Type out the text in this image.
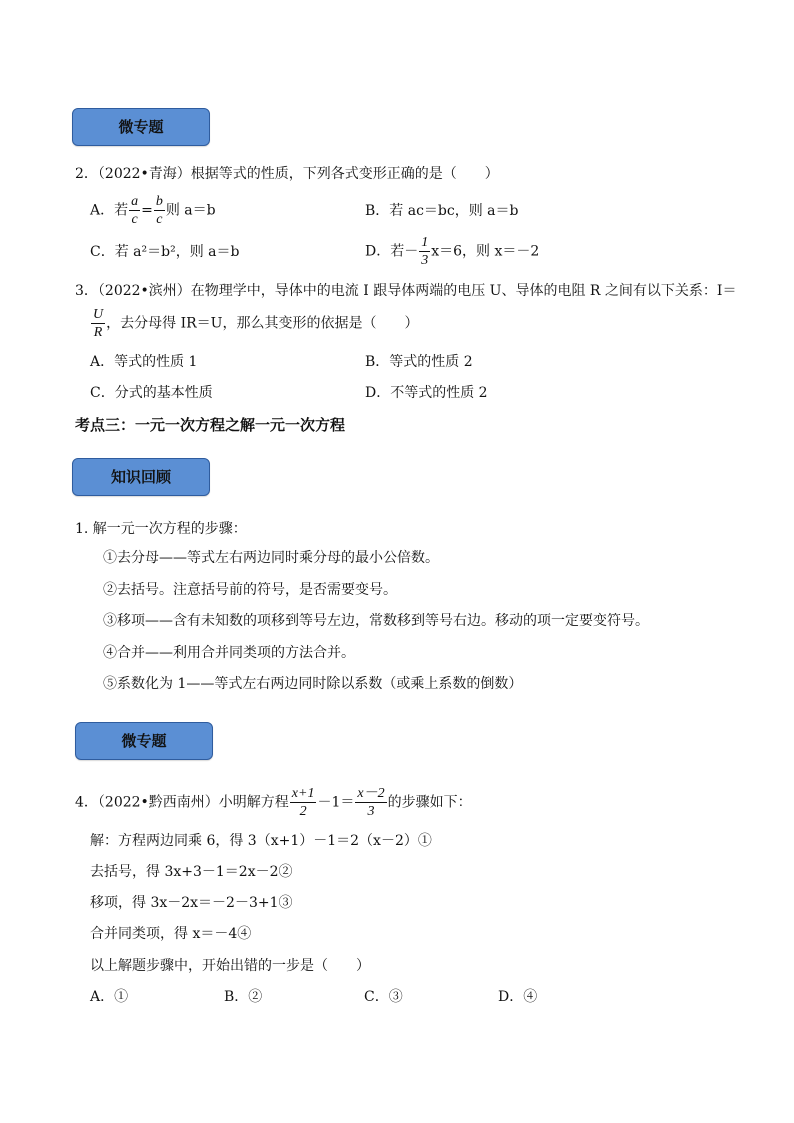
微专题
2．（2022•青海）根据等式的性质，下列各式变形正确的是（　　）
A．若 $\frac{a}{c} = \frac{b}{c}$ 则 a＝b	B．若 ac＝bc，则 a＝b
C．若 a²＝b²，则 a＝b	D．若－ $\frac{1}{3} x=6$，则 x＝－2
3．（2022•滨州）在物理学中，导体中的电流 I 跟导体两端的电压 U、导体的电阻 R 之间有以下关系：I＝
$\frac{U}{R}$ ，去分母得 IR＝U，那么其变形的依据是（　　）
A．等式的性质 1	B．等式的性质 2
C．分式的基本性质	D．不等式的性质 2
考点三：一元一次方程之解一元一次方程
知识回顾
1. 解一元一次方程的步骤：
①去分母——等式左右两边同时乘分母的最小公倍数。
②去括号。注意括号前的符号，是否需要变号。
③移项——含有未知数的项移到等号左边，常数移到等号右边。移动的项一定要变符号。
④合并——利用合并同类项的方法合并。
⑤系数化为 1——等式左右两边同时除以系数（或乘上系数的倒数）
微专题
4．（2022•黔西南州）小明解方程 $\frac{x+1}{2} -1= \frac{x-2}{3}$ 的步骤如下：
解：方程两边同乘 6，得 3（x+1）－1＝2（x－2）①
去括号，得 3x+3－1＝2x－2②
移项，得 3x－2x＝－2－3+1③
合并同类项，得 x＝－4④
以上解题步骤中，开始出错的一步是（　　）
A．①	B．②	C．③	D．④
